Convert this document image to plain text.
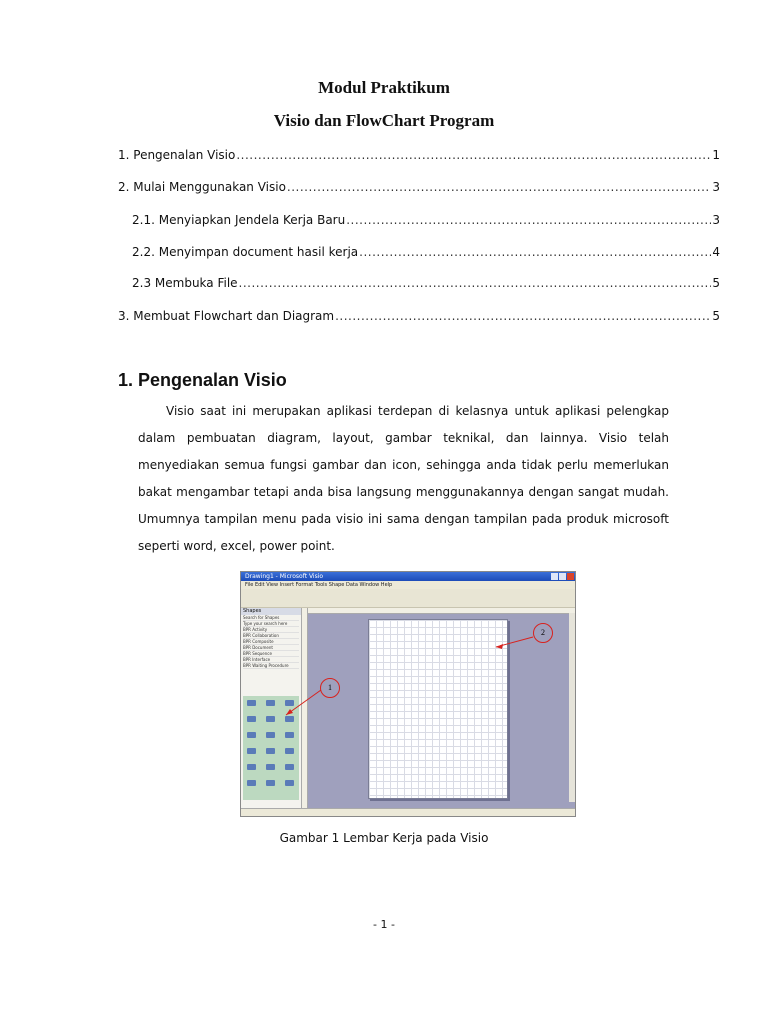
Modul Praktikum
Visio dan FlowChart Program
1. Pengenalan Visio .....	1
2. Mulai Menggunakan Visio .....	3
2.1. Menyiapkan Jendela Kerja Baru .....	3
2.2. Menyimpan document hasil kerja .....	4
2.3 Membuka File .....	5
3. Membuat Flowchart dan Diagram .....	5
1. Pengenalan Visio
Visio saat ini merupakan aplikasi terdepan di kelasnya untuk aplikasi pelengkap dalam pembuatan diagram, layout, gambar teknikal, dan lainnya. Visio telah menyediakan semua fungsi gambar dan icon, sehingga anda tidak perlu memerlukan bakat mengambar tetapi anda bisa langsung menggunakannya dengan sangat mudah. Umumnya tampilan menu pada visio ini sama dengan tampilan pada produk microsoft seperti word, excel, power point.
Drawing1 - Microsoft Visio
File Edit View Insert Format Tools Shape Data Window Help
Shapes
Search for Shapes
Type your search here
BPR Activity
BPR Collaboration
BPR Composite
BPR Document
BPR Sequence
BPR Interface
BPR Waiting Procedure
1
2
Gambar 1 Lembar Kerja pada Visio
- 1 -
